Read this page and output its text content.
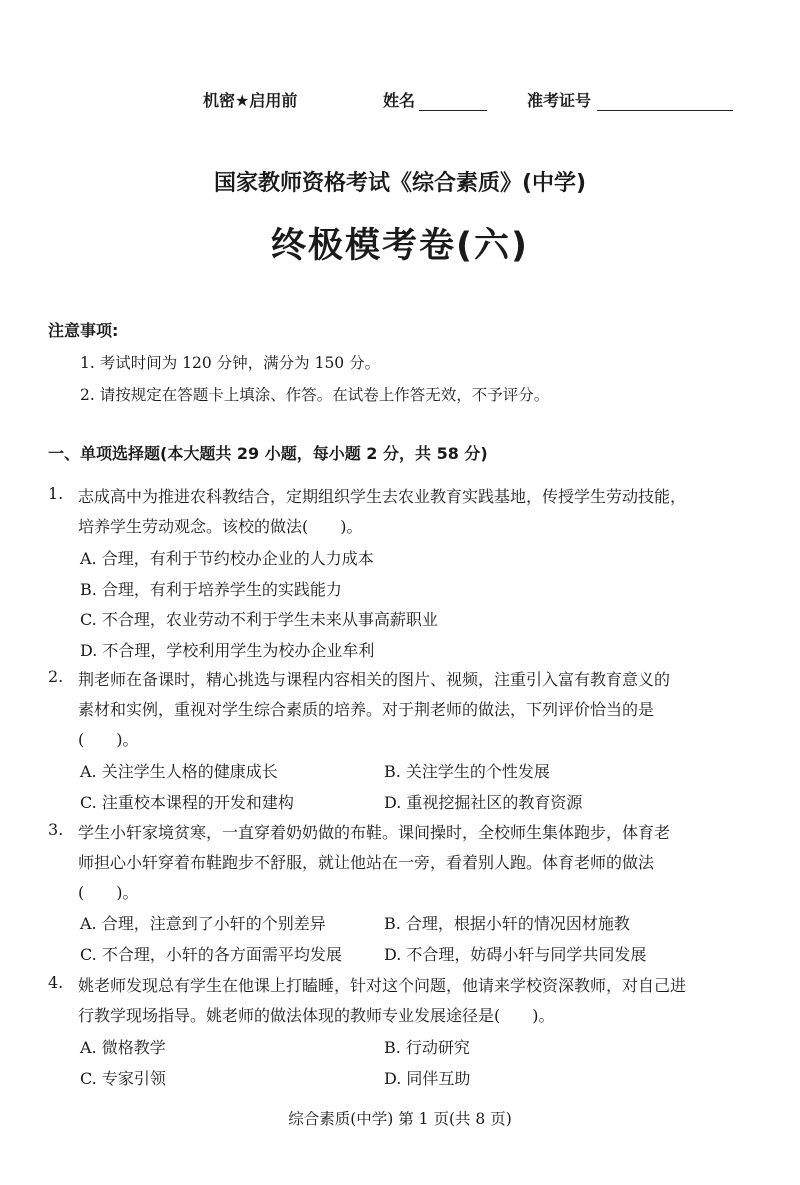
机密★启用前	姓名	准考证号
国家教师资格考试《综合素质》(中学)
终极模考卷(六)
注意事项:
1. 考试时间为 120 分钟，满分为 150 分。
2. 请按规定在答题卡上填涂、作答。在试卷上作答无效，不予评分。
一、单项选择题(本大题共 29 小题，每小题 2 分，共 58 分)
1. 志成高中为推进农科教结合，定期组织学生去农业教育实践基地，传授学生劳动技能，
培养学生劳动观念。该校的做法(　　)。
A. 合理，有利于节约校办企业的人力成本
B. 合理，有利于培养学生的实践能力
C. 不合理，农业劳动不利于学生未来从事高薪职业
D. 不合理，学校利用学生为校办企业牟利
2. 荆老师在备课时，精心挑选与课程内容相关的图片、视频，注重引入富有教育意义的
素材和实例，重视对学生综合素质的培养。对于荆老师的做法，下列评价恰当的是
(　　)。
A. 关注学生人格的健康成长	B. 关注学生的个性发展
C. 注重校本课程的开发和建构	D. 重视挖掘社区的教育资源
3. 学生小轩家境贫寒，一直穿着奶奶做的布鞋。课间操时，全校师生集体跑步，体育老
师担心小轩穿着布鞋跑步不舒服，就让他站在一旁，看着别人跑。体育老师的做法
(　　)。
A. 合理，注意到了小轩的个别差异	B. 合理，根据小轩的情况因材施教
C. 不合理，小轩的各方面需平均发展	D. 不合理，妨碍小轩与同学共同发展
4. 姚老师发现总有学生在他课上打瞌睡，针对这个问题，他请来学校资深教师，对自己进
行教学现场指导。姚老师的做法体现的教师专业发展途径是(　　)。
A. 微格教学	B. 行动研究
C. 专家引领	D. 同伴互助
综合素质(中学) 第 1 页(共 8 页)
